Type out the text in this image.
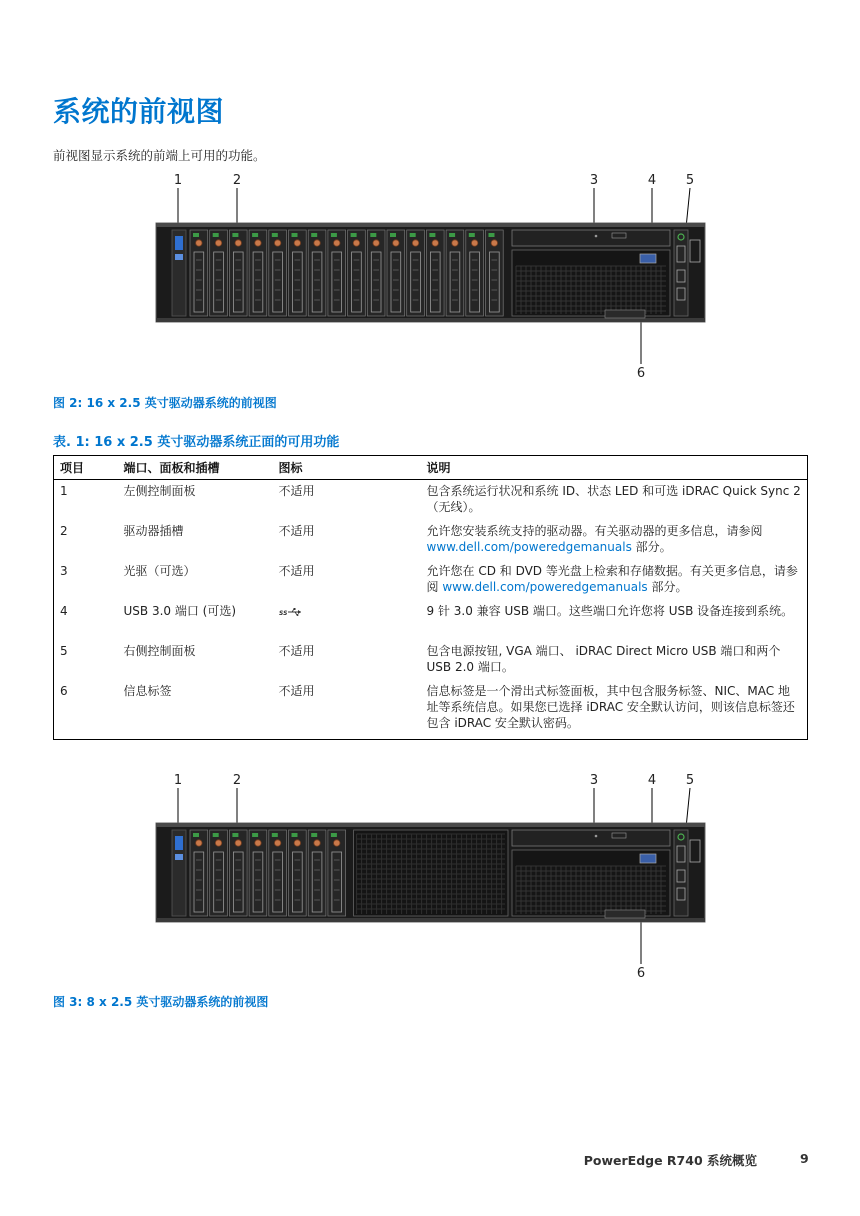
系统的前视图
前视图显示系统的前端上可用的功能。
1	2	3	4 5
6
图 2: 16 x 2.5 英寸驱动器系统的前视图
表. 1: 16 x 2.5 英寸驱动器系统正面的可用功能
项目	端口、面板和插槽	图标	说明
1	左侧控制面板	不适用	包含系统运行状况和系统 ID、状态 LED 和可选 iDRAC Quick Sync 2（无线）。
2	驱动器插槽	不适用	允许您安装系统支持的驱动器。有关驱动器的更多信息，请参阅 www.dell.com/poweredgemanuals 部分。
3	光驱（可选）	不适用	允许您在 CD 和 DVD 等光盘上检索和存储数据。有关更多信息，请参阅 www.dell.com/poweredgemanuals 部分。
4	USB 3.0 端口 (可选)	SS	9 针 3.0 兼容 USB 端口。这些端口允许您将 USB 设备连接到系统。
5	右侧控制面板	不适用	包含电源按钮, VGA 端口、 iDRAC Direct Micro USB 端口和两个 USB 2.0 端口。
6	信息标签	不适用	信息标签是一个滑出式标签面板，其中包含服务标签、NIC、MAC 地址等系统信息。如果您已选择 iDRAC 安全默认访问，则该信息标签还包含 iDRAC 安全默认密码。
1	2	3	4 5
6
图 3: 8 x 2.5 英寸驱动器系统的前视图
PowerEdge R740 系统概览	9
